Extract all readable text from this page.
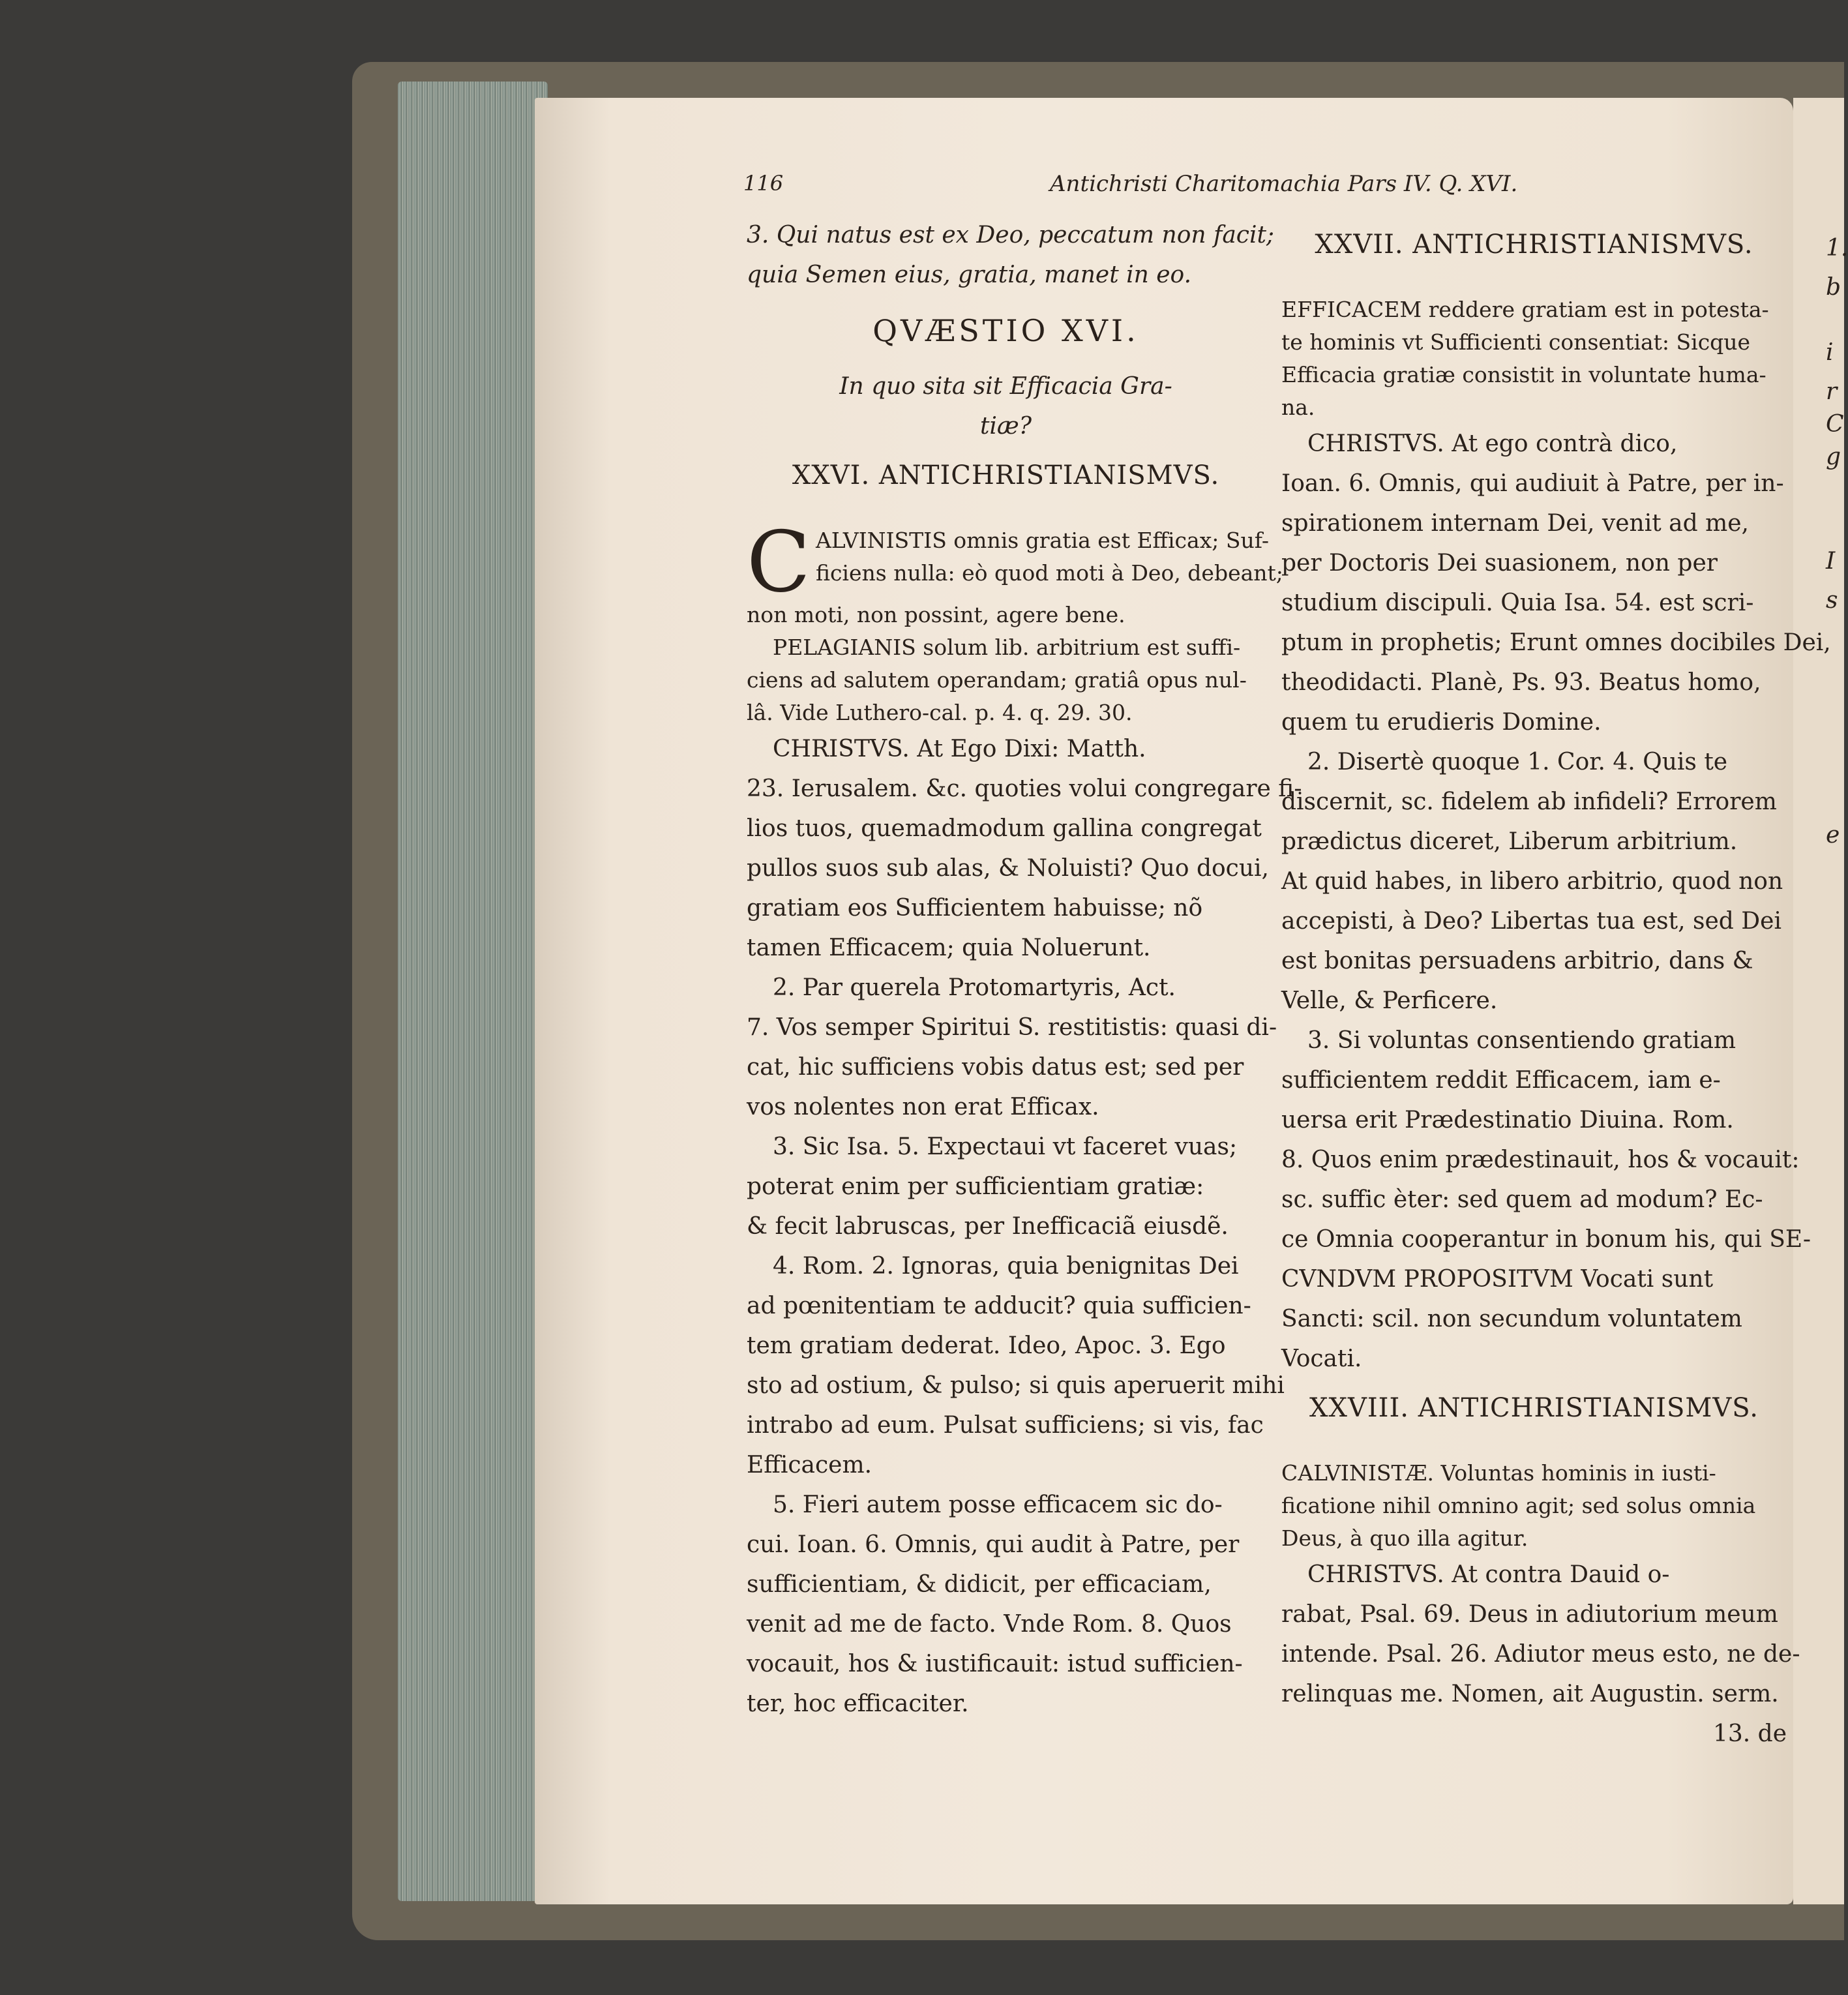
116	Antichristi Charitomachia Pars IV. Q. XVI.
3. Qui natus est ex Deo, peccatum non facit;
quia Semen eius, gratia, manet in eo.
QVÆSTIO XVI.
In quo sita sit Efficacia Gra-
tiæ?
XXVI. ANTICHRISTIANISMVS.
C ALVINISTIS omnis gratia est Efficax; Suf-
ficiens nulla: eò quod moti à Deo, debeant;
non moti, non possint, agere bene.
PELAGIANIS solum lib. arbitrium est suffi-
ciens ad salutem operandam; gratiâ opus nul-
lâ. Vide Luthero-cal. p. 4. q. 29. 30.
CHRISTVS. At Ego Dixi: Matth.
23. Ierusalem. &c. quoties volui congregare fi-
lios tuos, quemadmodum gallina congregat
pullos suos sub alas, & Noluisti? Quo docui,
gratiam eos Sufficientem habuisse; nõ
tamen Efficacem; quia Noluerunt.
2. Par querela Protomartyris, Act.
7. Vos semper Spiritui S. restitistis: quasi di-
cat, hic sufficiens vobis datus est; sed per
vos nolentes non erat Efficax.
3. Sic Isa. 5. Expectaui vt faceret vuas;
poterat enim per sufficientiam gratiæ:
& fecit labruscas, per Inefficaciã eiusdẽ.
4. Rom. 2. Ignoras, quia benignitas Dei
ad pœnitentiam te adducit? quia sufficien-
tem gratiam dederat. Ideo, Apoc. 3. Ego
sto ad ostium, & pulso; si quis aperuerit mihi
intrabo ad eum. Pulsat sufficiens; si vis, fac
Efficacem.
5. Fieri autem posse efficacem sic do-
cui. Ioan. 6. Omnis, qui audit à Patre, per
sufficientiam, & didicit, per efficaciam,
venit ad me de facto. Vnde Rom. 8. Quos
vocauit, hos & iustificauit: istud sufficien-
ter, hoc efficaciter.
XXVII. ANTICHRISTIANISMVS.
EFFICACEM reddere gratiam est in potesta-
te hominis vt Sufficienti consentiat: Sicque
Efficacia gratiæ consistit in voluntate huma-
na.
CHRISTVS. At ego contrà dico,
Ioan. 6. Omnis, qui audiuit à Patre, per in-
spirationem internam Dei, venit ad me,
per Doctoris Dei suasionem, non per
studium discipuli. Quia Isa. 54. est scri-
ptum in prophetis; Erunt omnes docibiles Dei,
theodidacti. Planè, Ps. 93. Beatus homo,
quem tu erudieris Domine.
2. Disertè quoque 1. Cor. 4. Quis te
discernit, sc. fidelem ab infideli? Errorem
prædictus diceret, Liberum arbitrium.
At quid habes, in libero arbitrio, quod non
accepisti, à Deo? Libertas tua est, sed Dei
est bonitas persuadens arbitrio, dans &
Velle, & Perficere.
3. Si voluntas consentiendo gratiam
sufficientem reddit Efficacem, iam e-
uersa erit Prædestinatio Diuina. Rom.
8. Quos enim prædestinauit, hos & vocauit:
sc. suffic èter: sed quem ad modum? Ec-
ce Omnia cooperantur in bonum his, qui SE-
CVNDVM PROPOSITVM Vocati sunt
Sancti: scil. non secundum voluntatem
Vocati.
XXVIII. ANTICHRISTIANISMVS.
CALVINISTÆ. Voluntas hominis in iusti-
ficatione nihil omnino agit; sed solus omnia
Deus, à quo illa agitur.
CHRISTVS. At contra Dauid o-
rabat, Psal. 69. Deus in adiutorium meum
intende. Psal. 26. Adiutor meus esto, ne de-
relinquas me. Nomen, ait Augustin. serm.
13. de
1.
b
i
r
C
g
I
s
e
